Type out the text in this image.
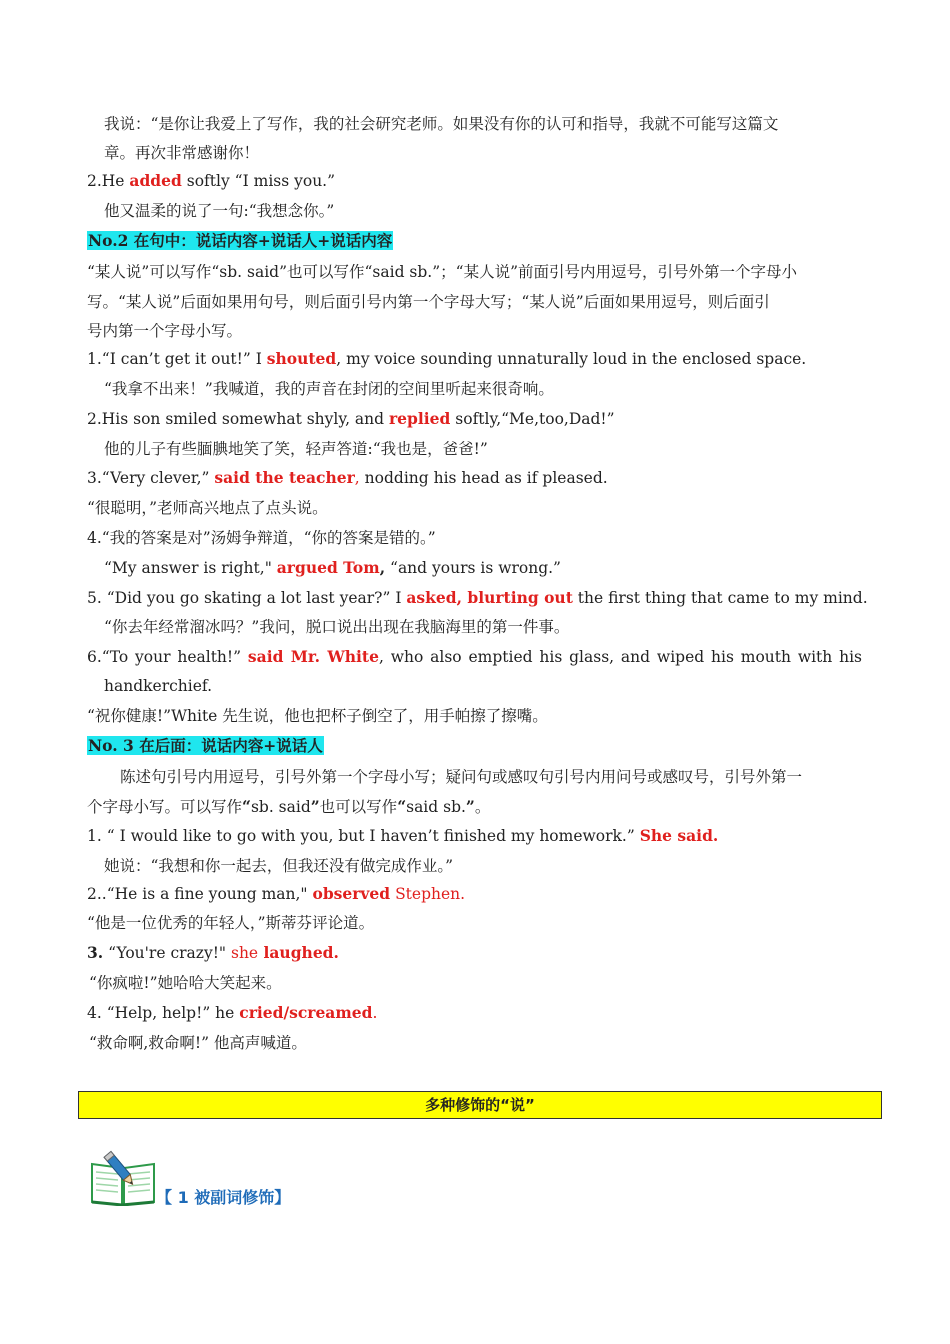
我说：“是你让我爱上了写作，我的社会研究老师。如果没有你的认可和指导，我就不可能写这篇文
章。再次非常感谢你！
2.He added softly “I miss you.”
他又温柔的说了一句:“我想念你。”
No.2 在句中：说话内容+说话人+说话内容
“某人说”可以写作“sb. said”也可以写作“said sb.”；“某人说”前面引号内用逗号，引号外第一个字母小
写。“某人说”后面如果用句号，则后面引号内第一个字母大写；“某人说”后面如果用逗号，则后面引
号内第一个字母小写。
1.“I can’t get it out!” I shouted, my voice sounding unnaturally loud in the enclosed space.
“我拿不出来！”我喊道，我的声音在封闭的空间里听起来很奇响。
2.His son smiled somewhat shyly, and replied softly,“Me,too,Dad!”
他的儿子有些腼腆地笑了笑，轻声答道:“我也是，爸爸!”
3.“Very clever,” said the teacher, nodding his head as if pleased.
“很聪明，”老师高兴地点了点头说。
4.“我的答案是对”汤姆争辩道，“你的答案是错的。”
“My answer is right," argued Tom, “and yours is wrong.”
5. “Did you go skating a lot last year?” I asked, blurting out the first thing that came to my mind.
“你去年经常溜冰吗？”我问，脱口说出出现在我脑海里的第一件事。
6.“To your health!” said Mr. White, who also emptied his glass, and wiped his mouth with his
handkerchief.
“祝你健康!”White 先生说，他也把杯子倒空了，用手帕擦了擦嘴。
No. 3 在后面：说话内容+说话人
陈述句引号内用逗号，引号外第一个字母小写；疑问句或感叹句引号内用问号或感叹号，引号外第一
个字母小写。可以写作“sb. said”也可以写作“said sb.”。
1. “ I would like to go with you, but I haven’t finished my homework.” She said.
她说：“我想和你一起去，但我还没有做完成作业。”
2..“He is a fine young man," observed Stephen.
“他是一位优秀的年轻人，”斯蒂芬评论道。
3. “You're crazy!" she laughed.
“你疯啦!”她哈哈大笑起来。
4. “Help, help!” he cried/screamed.
“救命啊,救命啊!” 他高声喊道。
多种修饰的“说”
【 1 被副词修饰】
